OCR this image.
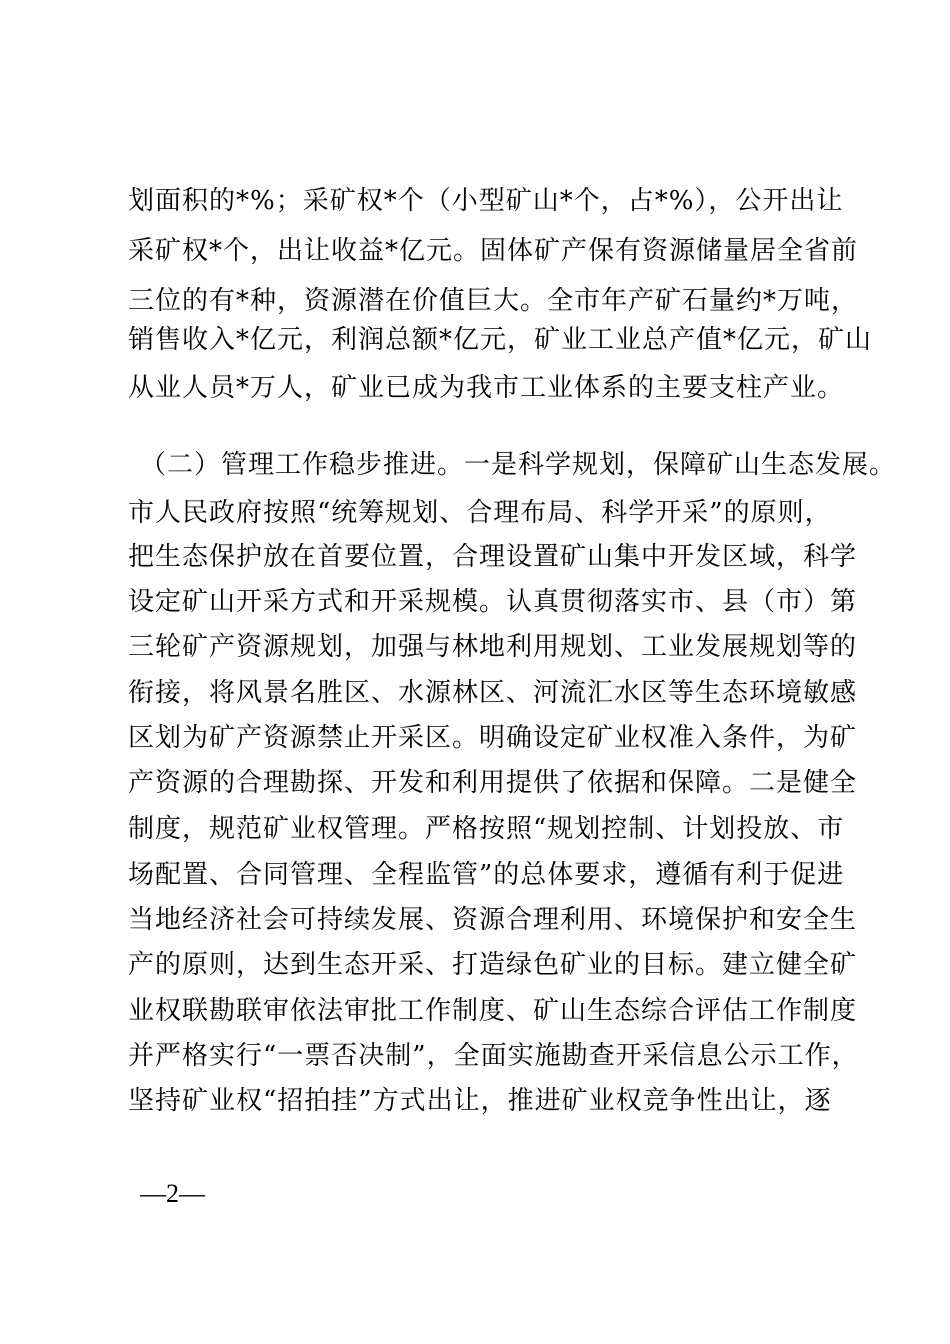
划面积的*%；采矿权*个（小型矿山*个，占*%），公开出让
采矿权*个，出让收益*亿元。固体矿产保有资源储量居全省前
三位的有*种，资源潜在价值巨大。全市年产矿石量约*万吨，
销售收入*亿元，利润总额*亿元，矿业工业总产值*亿元，矿山
从业人员*万人，矿业已成为我市工业体系的主要支柱产业。
（二）管理工作稳步推进。一是科学规划，保障矿山生态发展。
市人民政府按照“统筹规划、合理布局、科学开采”的原则，
把生态保护放在首要位置，合理设置矿山集中开发区域，科学
设定矿山开采方式和开采规模。认真贯彻落实市、县（市）第
三轮矿产资源规划，加强与林地利用规划、工业发展规划等的
衔接，将风景名胜区、水源林区、河流汇水区等生态环境敏感
区划为矿产资源禁止开采区。明确设定矿业权准入条件，为矿
产资源的合理勘探、开发和利用提供了依据和保障。二是健全
制度，规范矿业权管理。严格按照“规划控制、计划投放、市
场配置、合同管理、全程监管”的总体要求，遵循有利于促进
当地经济社会可持续发展、资源合理利用、环境保护和安全生
产的原则，达到生态开采、打造绿色矿业的目标。建立健全矿
业权联勘联审依法审批工作制度、矿山生态综合评估工作制度
并严格实行“一票否决制”，全面实施勘查开采信息公示工作，
坚持矿业权“招拍挂”方式出让，推进矿业权竞争性出让，逐
—2—
